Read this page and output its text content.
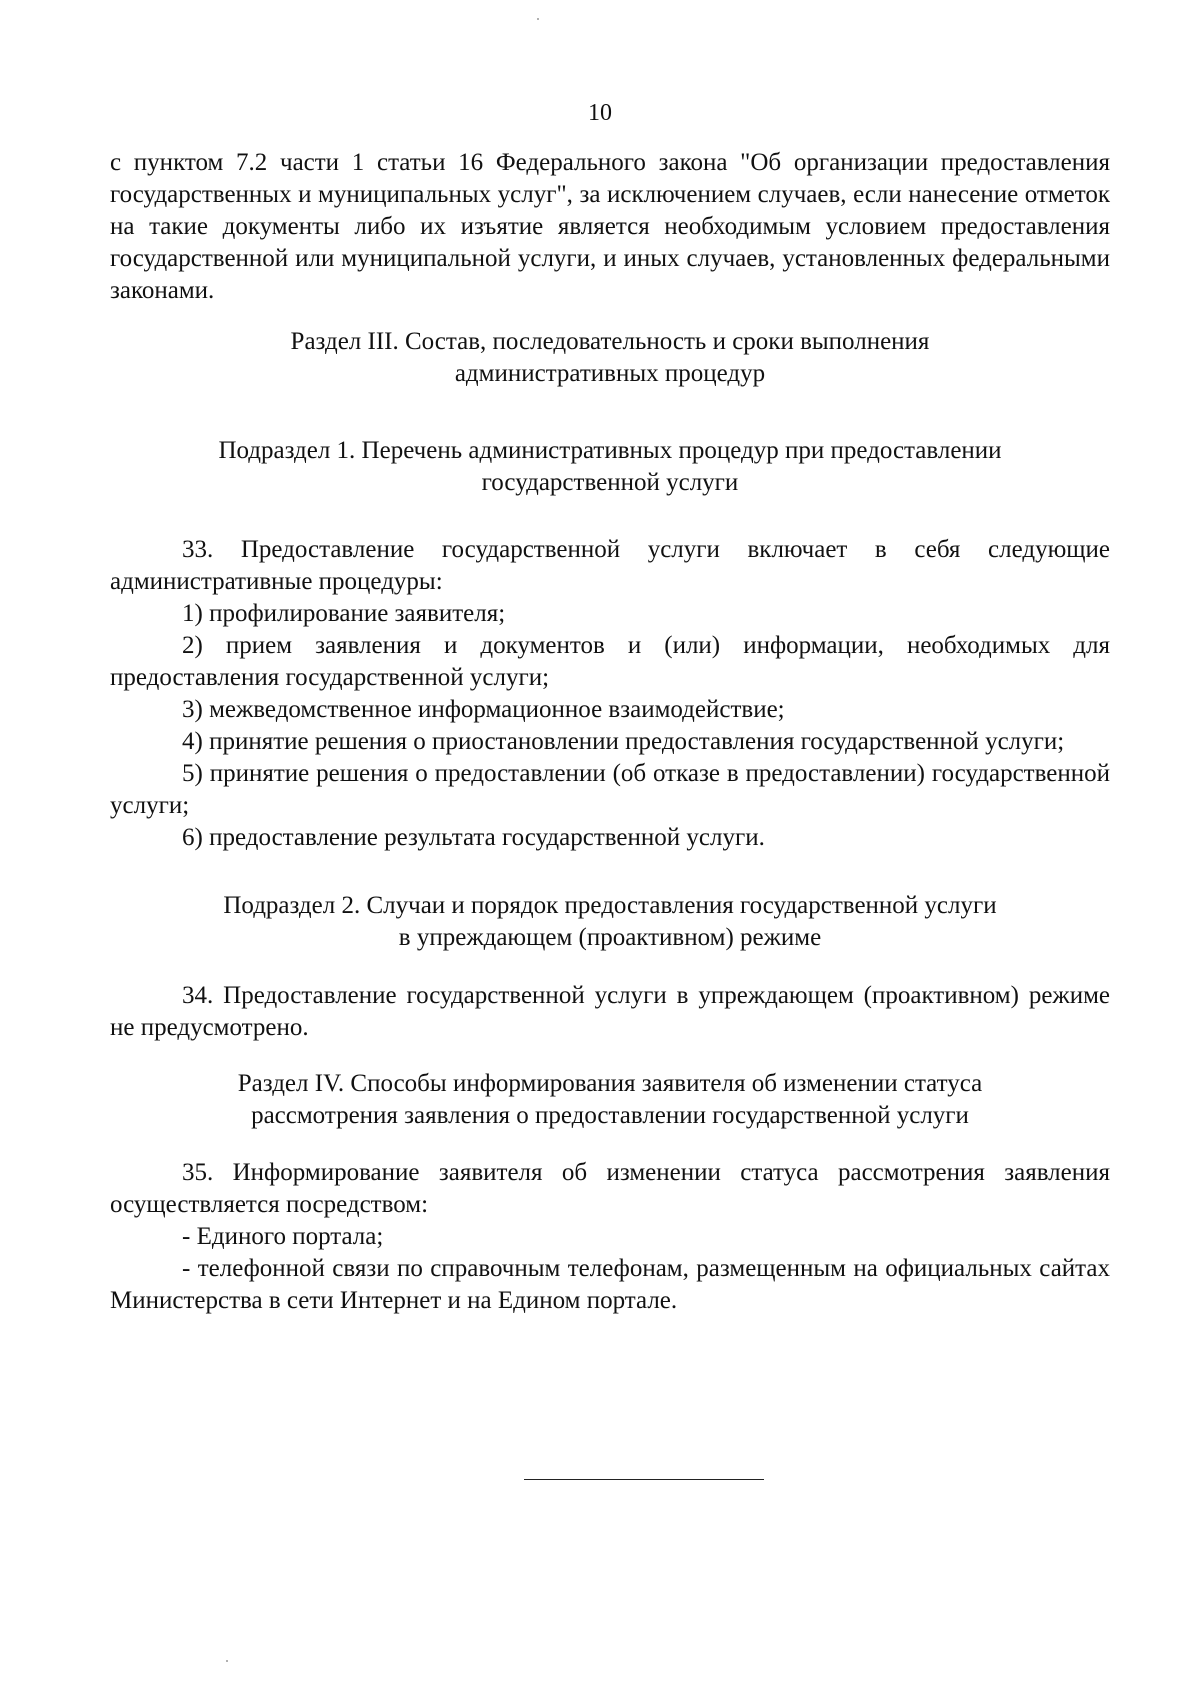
10

с пунктом 7.2 части 1 статьи 16 Федерального закона "Об организации предоставления государственных и муниципальных услуг", за исключением случаев, если нанесение отметок на такие документы либо их изъятие является необходимым условием предоставления государственной или муниципальной услуги, и иных случаев, установленных федеральными законами.

Раздел III. Состав, последовательность и сроки выполнения
административных процедур
Подраздел 1. Перечень административных процедур при предоставлении
государственной услуги

33. Предоставление государственной услуги включает в себя следующие административные процедуры:

1) профилирование заявителя;

2) прием заявления и документов и (или) информации, необходимых для предоставления государственной услуги;

3) межведомственное информационное взаимодействие;

4) принятие решения о приостановлении предоставления государственной услуги;

5) принятие решения о предоставлении (об отказе в предоставлении) государственной услуги;

6) предоставление результата государственной услуги.

Подраздел 2. Случаи и порядок предоставления государственной услуги
в упреждающем (проактивном) режиме

34. Предоставление государственной услуги в упреждающем (проактивном) режиме не предусмотрено.

Раздел IV. Способы информирования заявителя об изменении статуса
рассмотрения заявления о предоставлении государственной услуги

35. Информирование заявителя об изменении статуса рассмотрения заявления осуществляется посредством:

- Единого портала;

- телефонной связи по справочным телефонам, размещенным на официальных сайтах Министерства в сети Интернет и на Едином портале.
